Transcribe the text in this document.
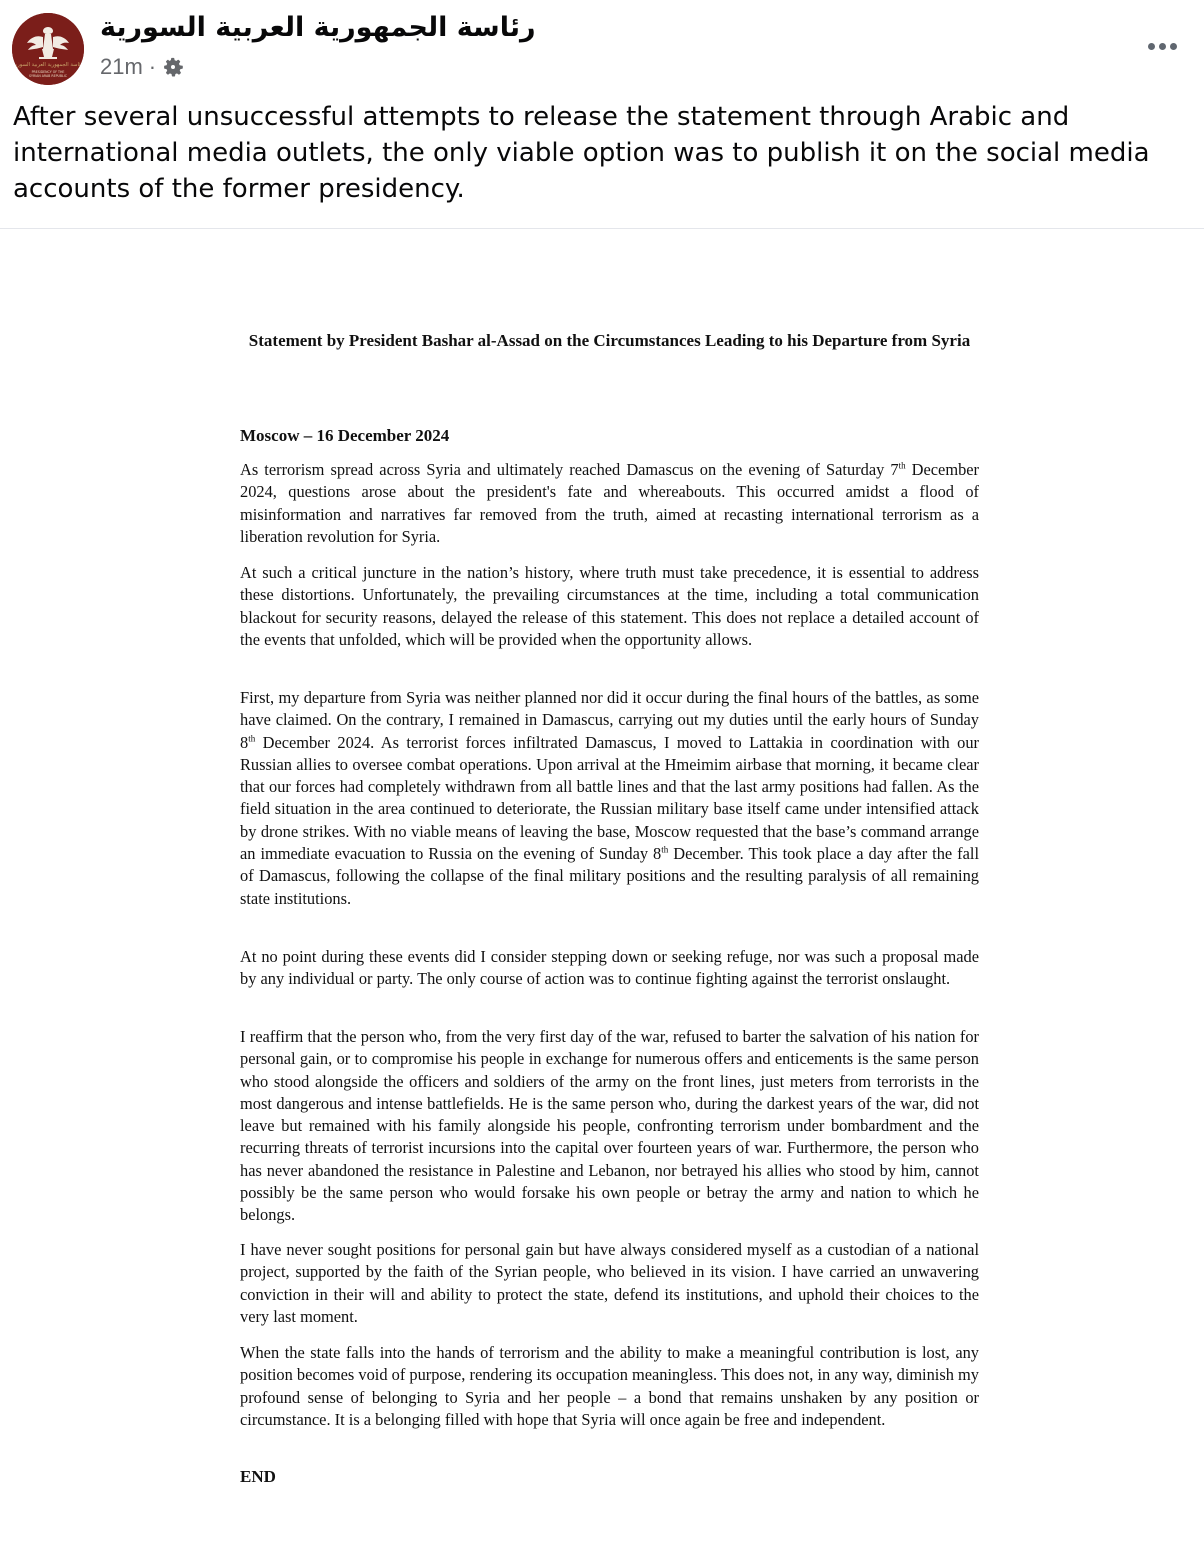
رئاسة الجمهورية العربية السورية
PRESIDENCY OF THE
SYRIAN ARAB REPUBLIC
رئاسة الجمهورية العربية السورية
21m ·
After several unsuccessful attempts to release the statement through Arabic and international media outlets, the only viable option was to publish it on the social media accounts of the former presidency.
Statement by President Bashar al-Assad on the Circumstances Leading to his Departure from Syria
Moscow – 16 December 2024

As terrorism spread across Syria and ultimately reached Damascus on the evening of Saturday 7th December 2024, questions arose about the president's fate and whereabouts. This occurred amidst a flood of misinformation and narratives far removed from the truth, aimed at recasting international terrorism as a liberation revolution for Syria.

At such a critical juncture in the nation’s history, where truth must take precedence, it is essential to address these distortions. Unfortunately, the prevailing circumstances at the time, including a total communication blackout for security reasons, delayed the release of this statement. This does not replace a detailed account of the events that unfolded, which will be provided when the opportunity allows.

First, my departure from Syria was neither planned nor did it occur during the final hours of the battles, as some have claimed. On the contrary, I remained in Damascus, carrying out my duties until the early hours of Sunday 8th December 2024. As terrorist forces infiltrated Damascus, I moved to Lattakia in coordination with our Russian allies to oversee combat operations. Upon arrival at the Hmeimim airbase that morning, it became clear that our forces had completely withdrawn from all battle lines and that the last army positions had fallen. As the field situation in the area continued to deteriorate, the Russian military base itself came under intensified attack by drone strikes. With no viable means of leaving the base, Moscow requested that the base’s command arrange an immediate evacuation to Russia on the evening of Sunday 8th December. This took place a day after the fall of Damascus, following the collapse of the final military positions and the resulting paralysis of all remaining state institutions.

At no point during these events did I consider stepping down or seeking refuge, nor was such a proposal made by any individual or party. The only course of action was to continue fighting against the terrorist onslaught.

I reaffirm that the person who, from the very first day of the war, refused to barter the salvation of his nation for personal gain, or to compromise his people in exchange for numerous offers and enticements is the same person who stood alongside the officers and soldiers of the army on the front lines, just meters from terrorists in the most dangerous and intense battlefields. He is the same person who, during the darkest years of the war, did not leave but remained with his family alongside his people, confronting terrorism under bombardment and the recurring threats of terrorist incursions into the capital over fourteen years of war. Furthermore, the person who has never abandoned the resistance in Palestine and Lebanon, nor betrayed his allies who stood by him, cannot possibly be the same person who would forsake his own people or betray the army and nation to which he belongs.

I have never sought positions for personal gain but have always considered myself as a custodian of a national project, supported by the faith of the Syrian people, who believed in its vision. I have carried an unwavering conviction in their will and ability to protect the state, defend its institutions, and uphold their choices to the very last moment.

When the state falls into the hands of terrorism and the ability to make a meaningful contribution is lost, any position becomes void of purpose, rendering its occupation meaningless. This does not, in any way, diminish my profound sense of belonging to Syria and her people – a bond that remains unshaken by any position or circumstance. It is a belonging filled with hope that Syria will once again be free and independent.

END
